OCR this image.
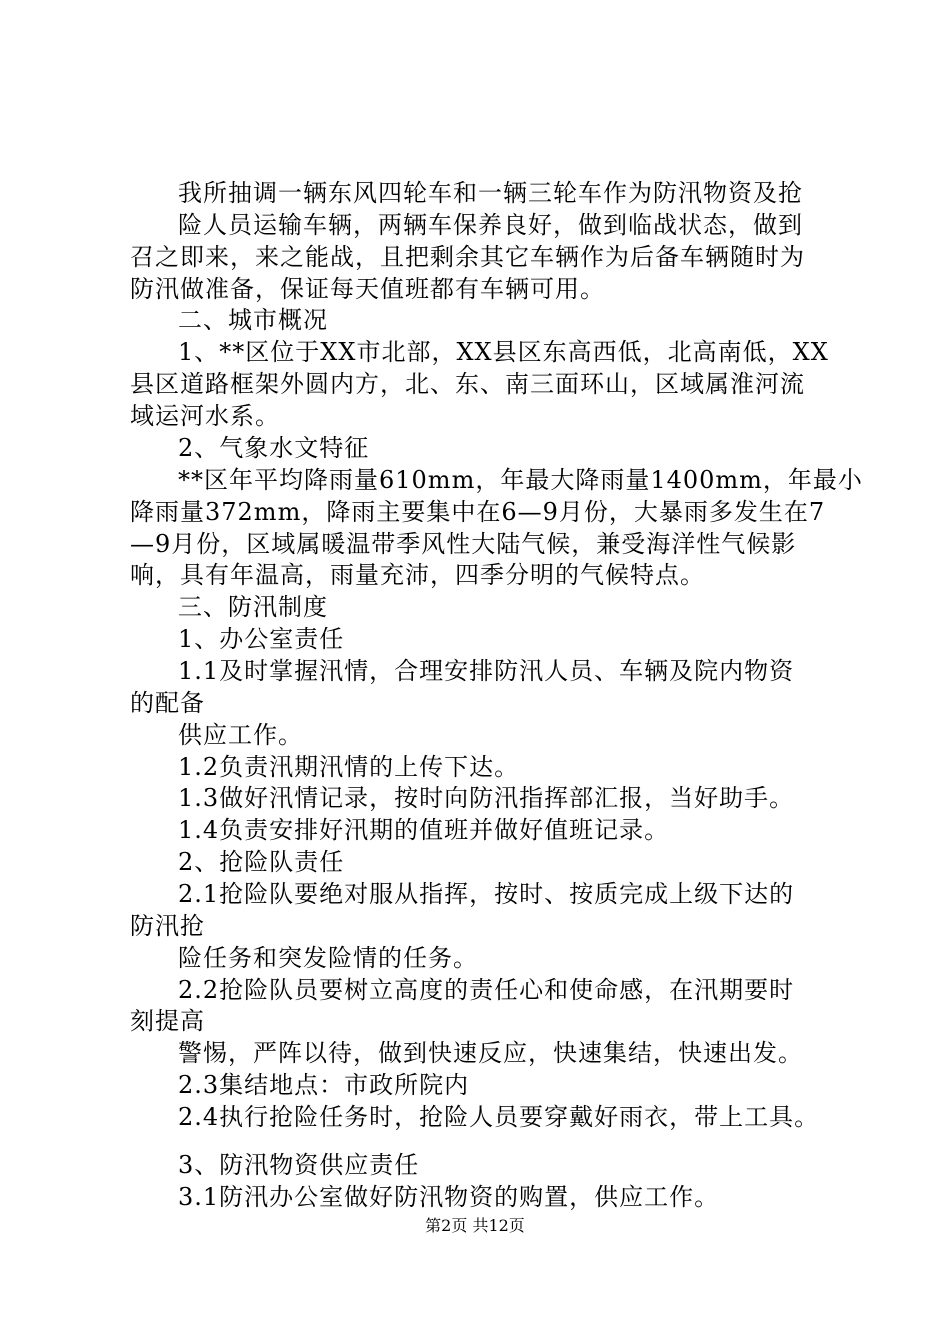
我所抽调一辆东风四轮车和一辆三轮车作为防汛物资及抢
险人员运输车辆，两辆车保养良好，做到临战状态，做到
召之即来，来之能战，且把剩余其它车辆作为后备车辆随时为
防汛做准备，保证每天值班都有车辆可用。
二、城市概况
1、**区位于XX市北部，XX县区东高西低，北高南低，XX
县区道路框架外圆内方，北、东、南三面环山，区域属淮河流
域运河水系。
2、气象水文特征
**区年平均降雨量610mm，年最大降雨量1400mm，年最小
降雨量372mm，降雨主要集中在6—9月份，大暴雨多发生在7
—9月份，区域属暖温带季风性大陆气候，兼受海洋性气候影
响，具有年温高，雨量充沛，四季分明的气候特点。
三、防汛制度
1、办公室责任
1.1及时掌握汛情，合理安排防汛人员、车辆及院内物资
的配备
供应工作。
1.2负责汛期汛情的上传下达。
1.3做好汛情记录，按时向防汛指挥部汇报，当好助手。
1.4负责安排好汛期的值班并做好值班记录。
2、抢险队责任
2.1抢险队要绝对服从指挥，按时、按质完成上级下达的
防汛抢
险任务和突发险情的任务。
2.2抢险队员要树立高度的责任心和使命感，在汛期要时
刻提高
警惕，严阵以待，做到快速反应，快速集结，快速出发。
2.3集结地点：市政所院内
2.4执行抢险任务时，抢险人员要穿戴好雨衣，带上工具。
3、防汛物资供应责任
3.1防汛办公室做好防汛物资的购置，供应工作。
第2页 共12页
